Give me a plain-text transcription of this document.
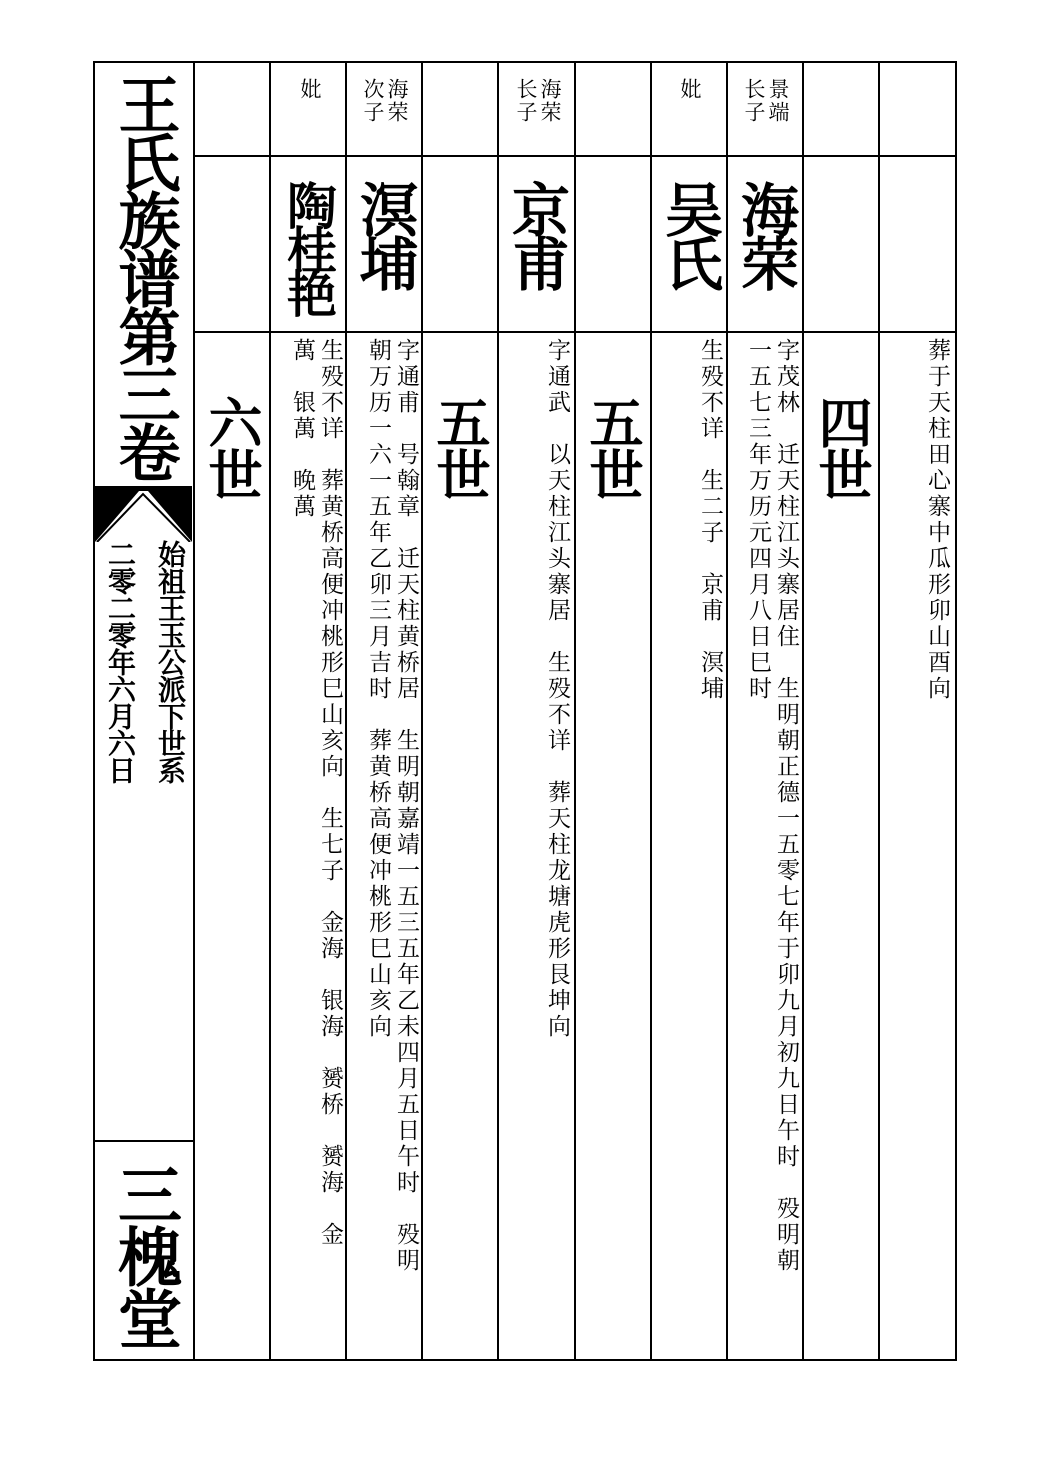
王氏族谱第三卷
始祖王玉公派下世系
二零二零年六月六日
三槐堂
葬于天柱田心寨中瓜形卯山酉向
四世
景端
长子
海荣
字茂林　迁天柱江头寨居住　生明朝正德一五零七年于卯九月初九日午时　殁明朝
一五七三年万历元四月八日巳时
妣
吴氏
生殁不详　生二子　京甫　溟埔
五世
海荣
长子
京甫
字通武　以天柱江头寨居　生殁不详　葬天柱龙塘虎形艮坤向
五世
海荣
次子
溟埔
字通甫　号翰章　迁天柱黄桥居　生明朝嘉靖一五三五年乙未四月五日午时　殁明
朝万历一六一五年乙卯三月吉时　葬黄桥高便冲桃形巳山亥向
妣
陶桂艳
生殁不详　葬黄桥高便冲桃形巳山亥向　生七子　金海　银海　赟桥　赟海　金
萬　银萬　晚萬
六世
